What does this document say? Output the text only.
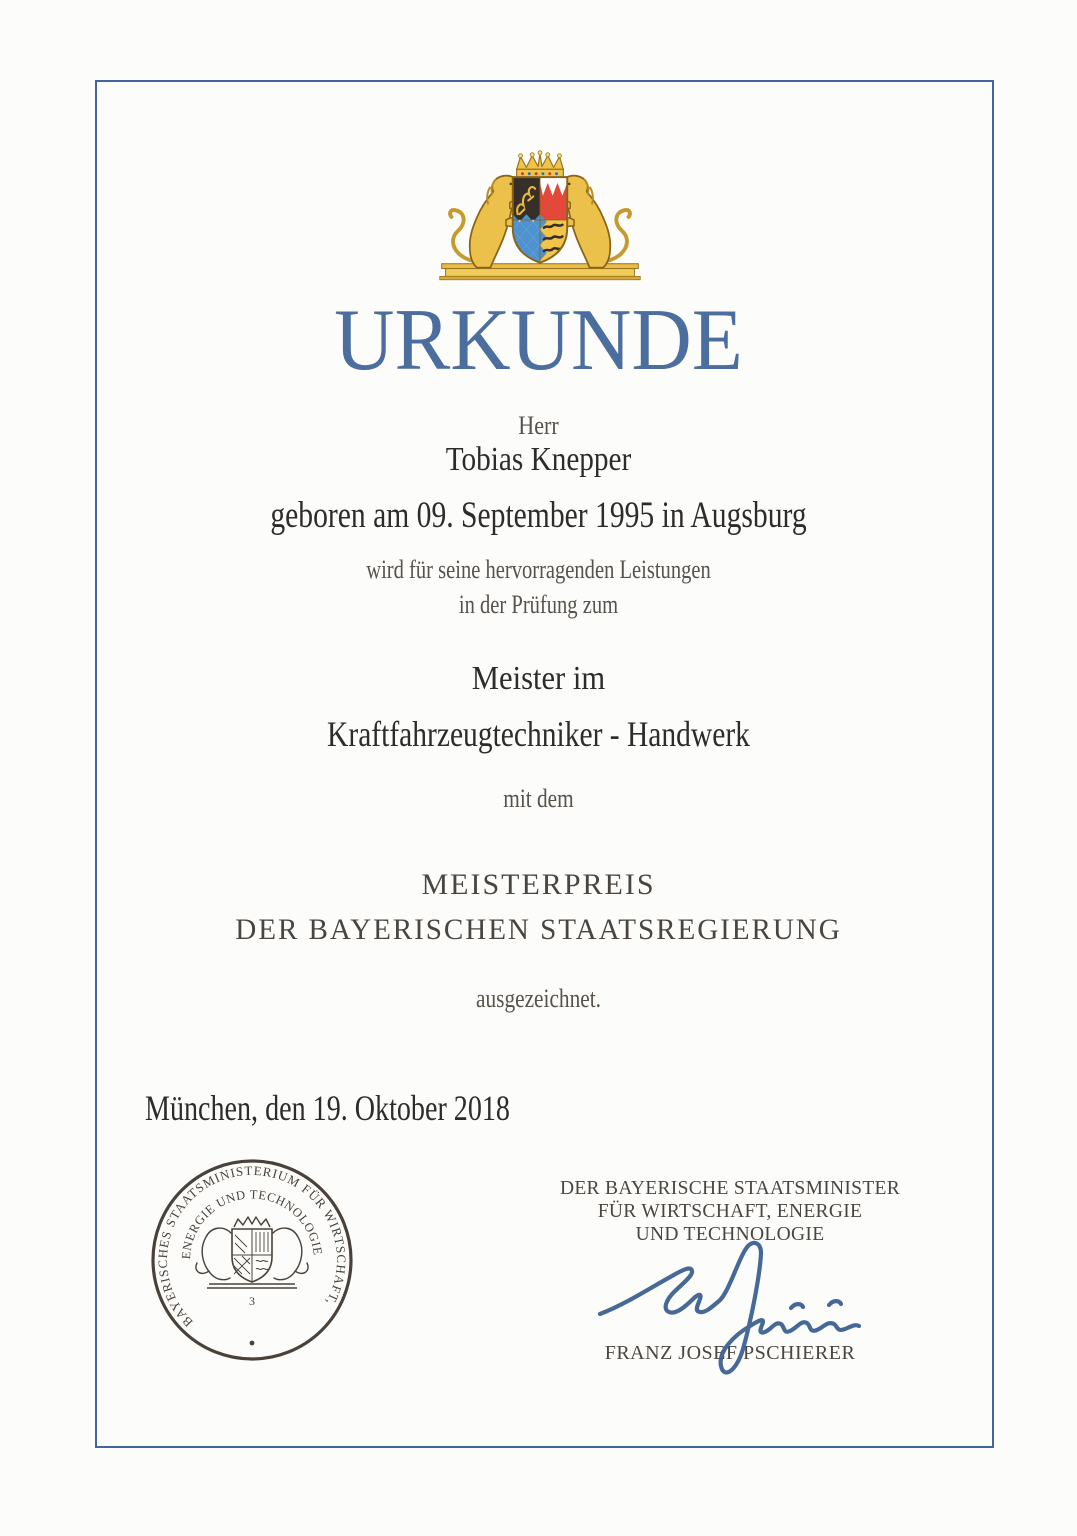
URKUNDE
Herr
Tobias Knepper
geboren am 09. September 1995 in Augsburg
wird für seine hervorragenden Leistungen
in der Prüfung zum
Meister im
Kraftfahrzeugtechniker - Handwerk
mit dem
MEISTERPREIS
DER BAYERISCHEN STAATSREGIERUNG
ausgezeichnet.
München, den 19. Oktober 2018
BAYERISCHES STAATSMINISTERIUM FÜR WIRTSCHAFT,
ENERGIE UND TECHNOLOGIE
3
DER BAYERISCHE STAATSMINISTER
FÜR WIRTSCHAFT, ENERGIE
UND TECHNOLOGIE
FRANZ JOSEF PSCHIERER
